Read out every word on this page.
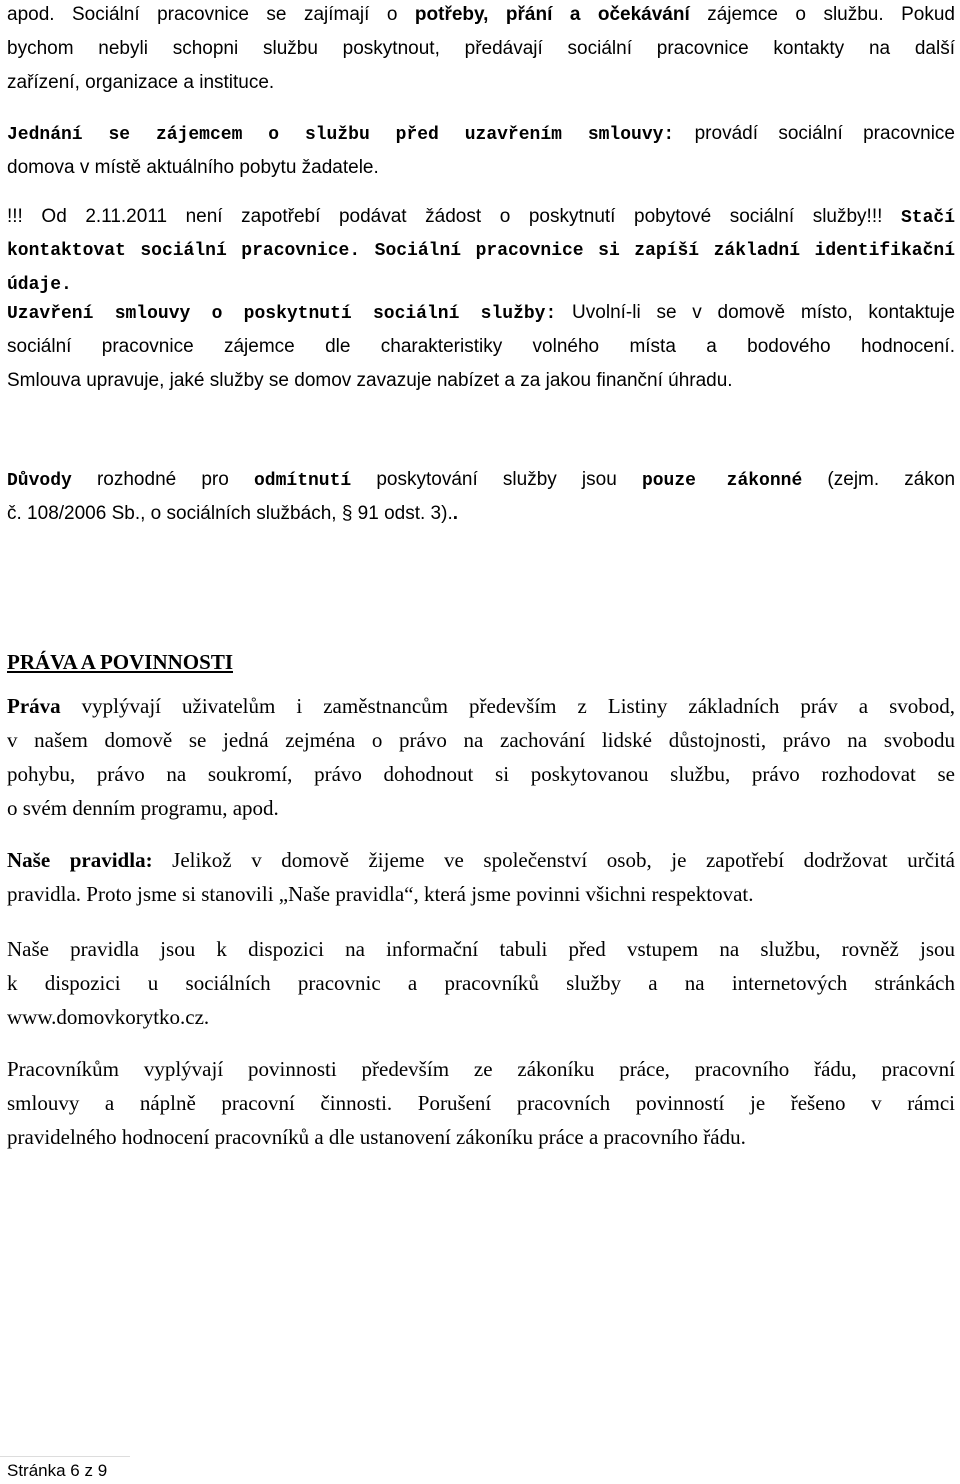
apod. Sociální pracovnice se zajímají o potřeby, přání a očekávání zájemce o službu. Pokud
bychom nebyli schopni službu poskytnout, předávají sociální pracovnice kontakty na další
zařízení, organizace a instituce.
Jednání se zájemcem o službu před uzavřením smlouvy: provádí sociální pracovnice
domova v místě aktuálního pobytu žadatele.
!!! Od 2.11.2011 není zapotřebí podávat žádost o poskytnutí pobytové sociální služby!!! Stačí
kontaktovat sociální pracovnice. Sociální pracovnice si zapíší základní identifikační
údaje.
Uzavření smlouvy o poskytnutí sociální služby: Uvolní-li se v domově místo, kontaktuje
sociální pracovnice zájemce dle charakteristiky volného místa a bodového hodnocení.
Smlouva upravuje, jaké služby se domov zavazuje nabízet a za jakou finanční úhradu.
Důvody rozhodné pro odmítnutí poskytování služby jsou pouze zákonné (zejm. zákon
č. 108/2006 Sb., o sociálních službách, § 91 odst. 3)..
PRÁVA A POVINNOSTI
Práva vyplývají uživatelům i zaměstnancům především z Listiny základních práv a svobod,
v našem domově se jedná zejména o právo na zachování lidské důstojnosti, právo na svobodu
pohybu, právo na soukromí, právo dohodnout si poskytovanou službu, právo rozhodovat se
o svém denním programu, apod.
Naše pravidla: Jelikož v domově žijeme ve společenství osob, je zapotřebí dodržovat určitá
pravidla. Proto jsme si stanovili „Naše pravidla“, která jsme povinni všichni respektovat.
Naše pravidla jsou k dispozici na informační tabuli před vstupem na službu, rovněž jsou
k dispozici u sociálních pracovnic a pracovníků služby a na internetových stránkách
www.domovkorytko.cz.
Pracovníkům vyplývají povinnosti především ze zákoníku práce, pracovního řádu, pracovní
smlouvy a náplně pracovní činnosti. Porušení pracovních povinností je řešeno v rámci
pravidelného hodnocení pracovníků a dle ustanovení zákoníku práce a pracovního řádu.
Stránka 6 z 9
